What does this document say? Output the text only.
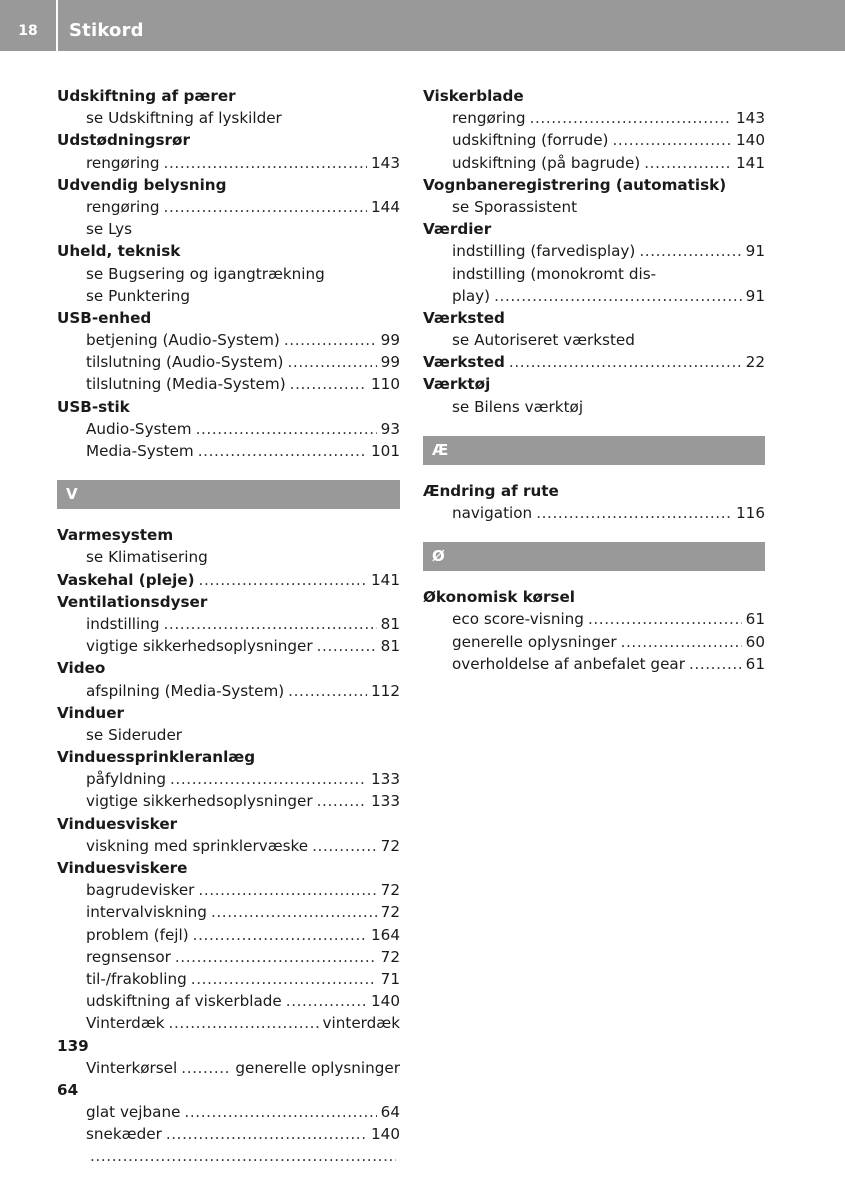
18	Stikord
Udskiftning af pærer
se Udskiftning af lyskilder
Udstødningsrør
rengøring .....	143
Udvendig belysning
rengøring .....	144
se Lys
Uheld, teknisk
se Bugsering og igangtrækning
se Punktering
USB-enhed
betjening (Audio-System) .....	99
tilslutning (Audio-System) .....	99
tilslutning (Media-System) .....	110
USB-stik
Audio-System .....	93
Media-System .....	101
V
Varmesystem
se Klimatisering
Vaskehal (pleje) .....	141
Ventilationsdyser
indstilling .....	81
vigtige sikkerhedsoplysninger .....	81
Video
afspilning (Media-System) .....	112
Vinduer
se Sideruder
Vinduessprinkleranlæg
påfyldning .....	133
vigtige sikkerhedsoplysninger .....	133
Vinduesvisker
viskning med sprinklervæske .....	72
Vinduesviskere
bagrudevisker .....	72
intervalviskning .....	72
problem (fejl) .....	164
regnsensor .....	72
til-/frakobling .....	71
udskiftning af viskerblade .....	140
Vinterdæk .....	vinterdæk
139
Vinterkørsel .....	generelle oplysninger
64
glat vejbane .....	64
snekæder .....	140
.....
Viskerblade
rengøring .....	143
udskiftning (forrude) .....	140
udskiftning (på bagrude) .....	141
Vognbaneregistrering (automatisk)
se Sporassistent
Værdier
indstilling (farvedisplay) .....	91
indstilling (monokromt dis-
play) .....	91
Værksted
se Autoriseret værksted
Værksted .....	22
Værktøj
se Bilens værktøj
Æ
Ændring af rute
navigation .....	116
Ø
Økonomisk kørsel
eco score-visning .....	61
generelle oplysninger .....	60
overholdelse af anbefalet gear .....	61
